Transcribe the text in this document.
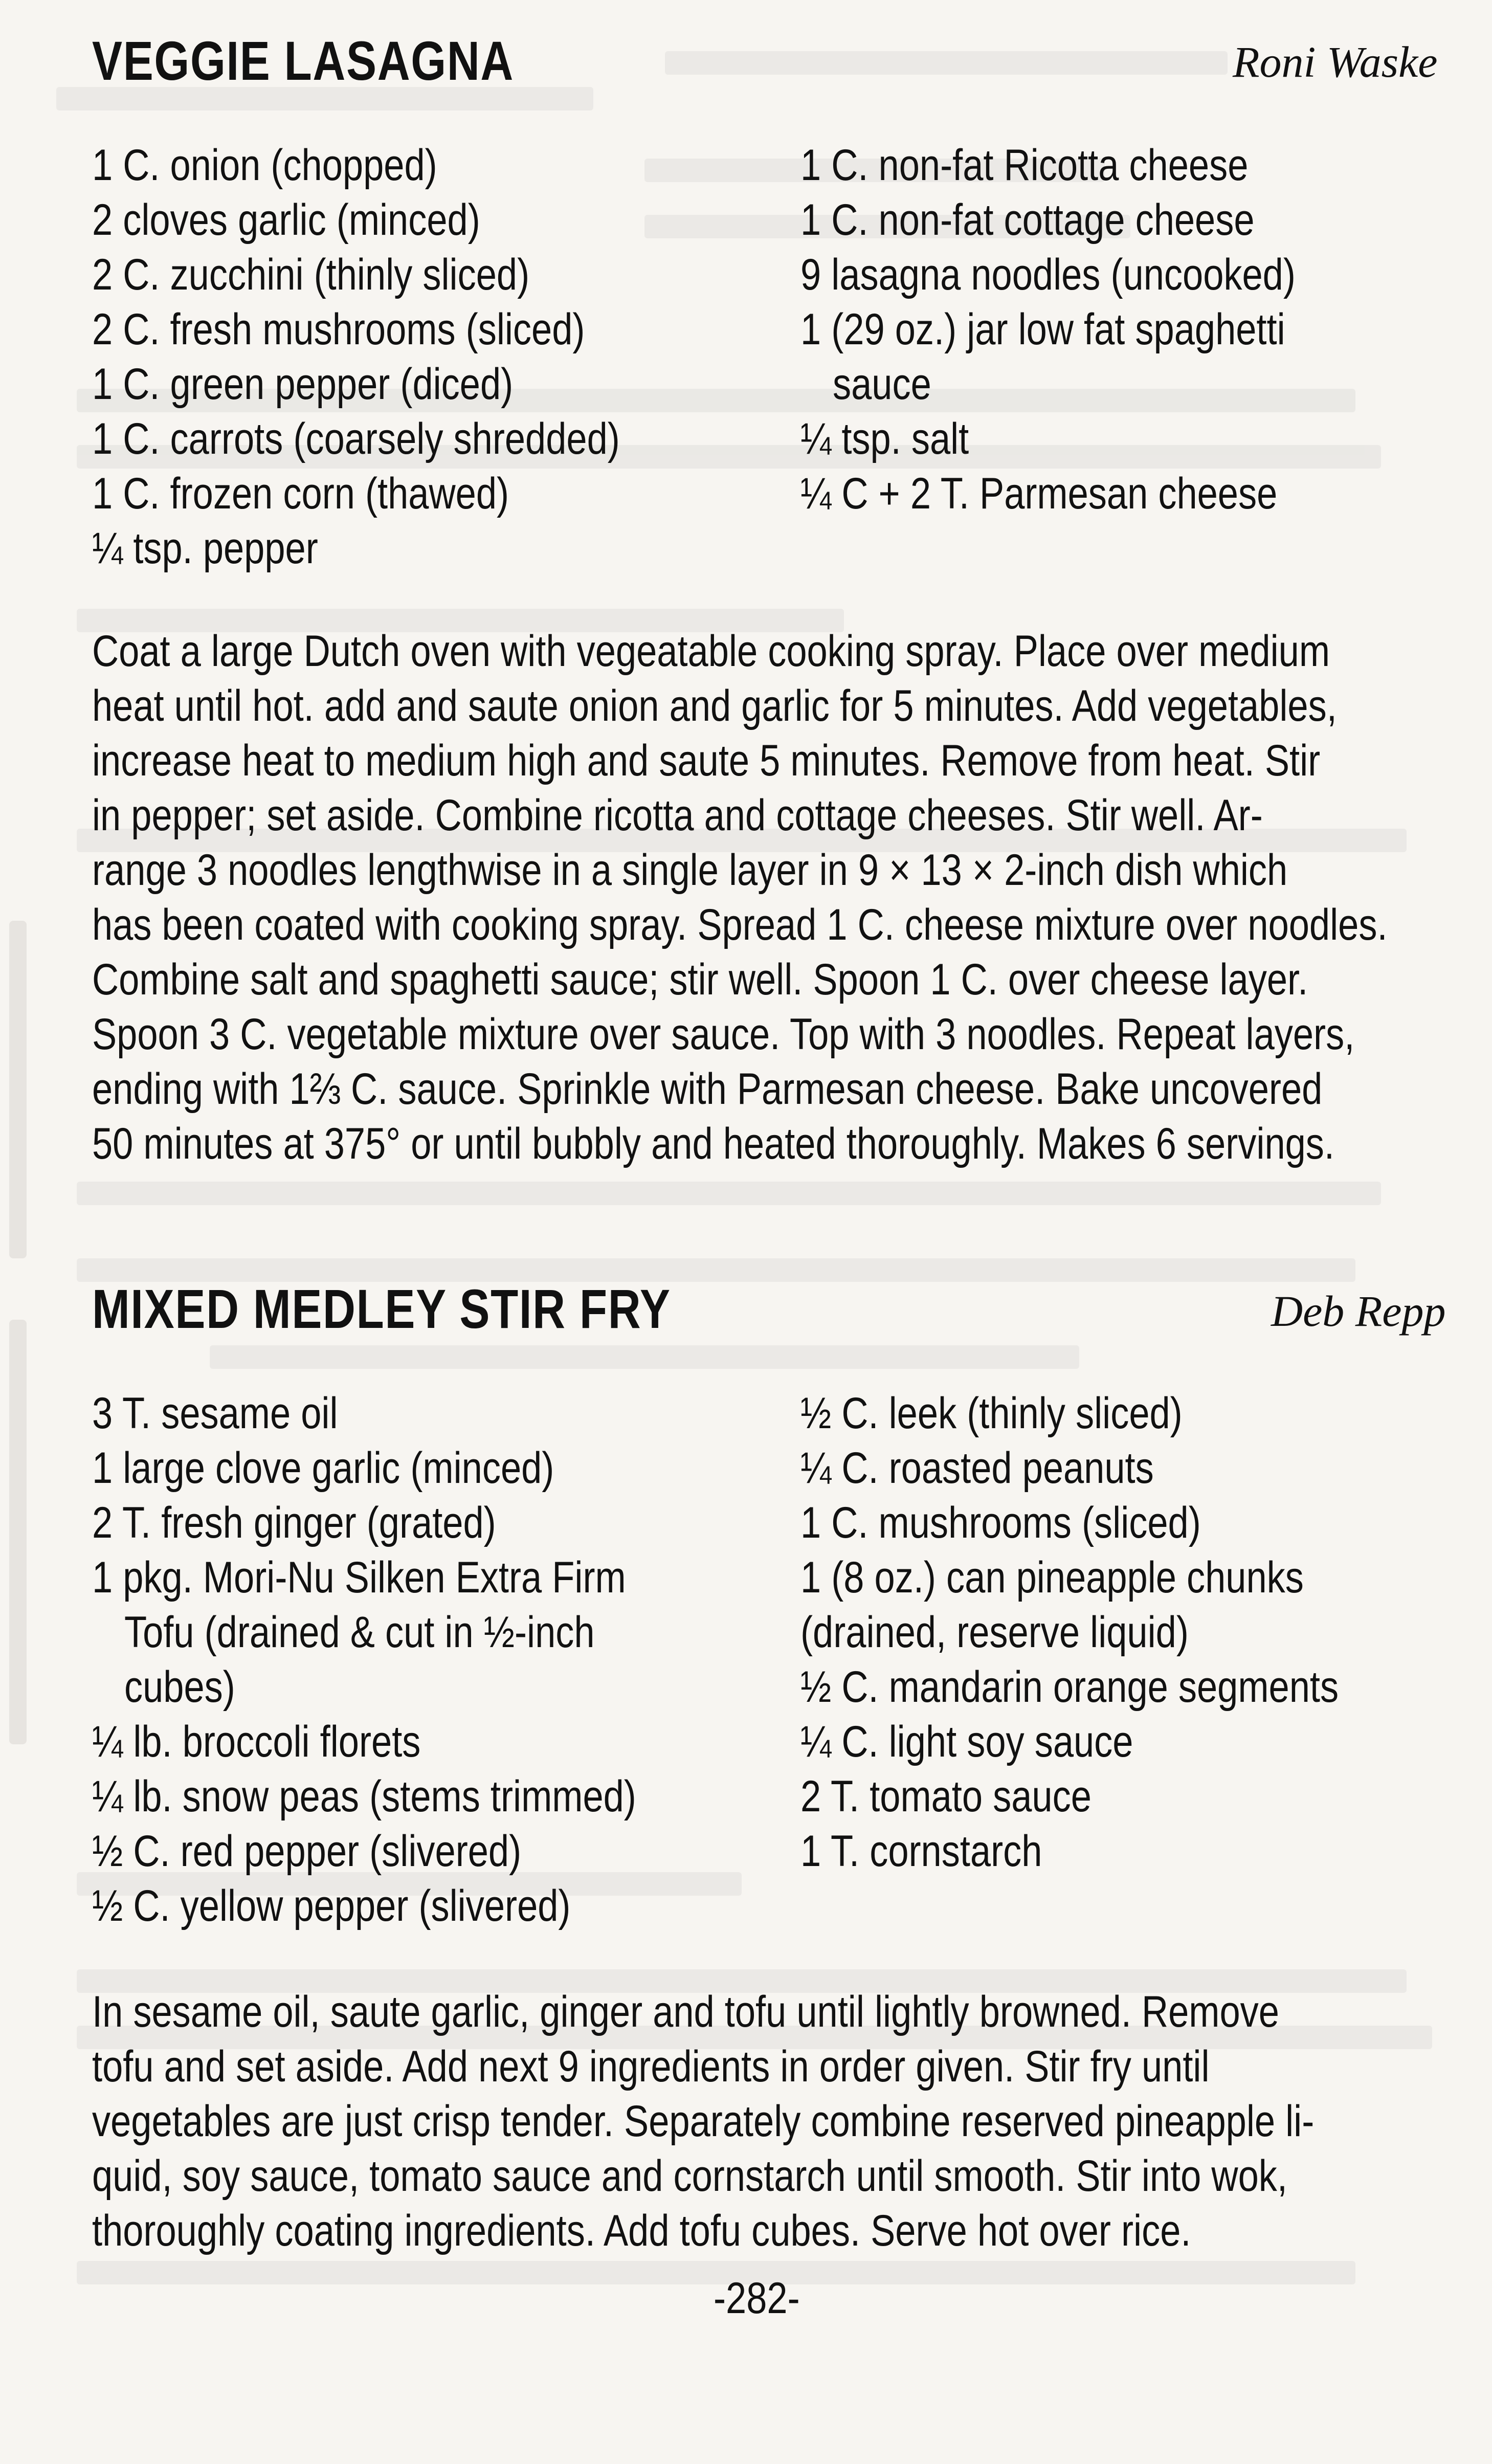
VEGGIE LASAGNA	Roni Waske
1 C. onion (chopped)
2 cloves garlic (minced)
2 C. zucchini (thinly sliced)
2 C. fresh mushrooms (sliced)
1 C. green pepper (diced)
1 C. carrots (coarsely shredded)
1 C. frozen corn (thawed)
¼ tsp. pepper
1 C. non-fat Ricotta cheese
1 C. non-fat cottage cheese
9 lasagna noodles (uncooked)
1 (29 oz.) jar low fat spaghetti
sauce
¼ tsp. salt
¼ C + 2 T. Parmesan cheese
Coat a large Dutch oven with vegeatable cooking spray. Place over medium
heat until hot. add and saute onion and garlic for 5 minutes. Add vegetables,
increase heat to medium high and saute 5 minutes. Remove from heat. Stir
in pepper; set aside. Combine ricotta and cottage cheeses. Stir well. Ar-
range 3 noodles lengthwise in a single layer in 9 × 13 × 2-inch dish which
has been coated with cooking spray. Spread 1 C. cheese mixture over noodles.
Combine salt and spaghetti sauce; stir well. Spoon 1 C. over cheese layer.
Spoon 3 C. vegetable mixture over sauce. Top with 3 noodles. Repeat layers,
ending with 1⅔ C. sauce. Sprinkle with Parmesan cheese. Bake uncovered
50 minutes at 375° or until bubbly and heated thoroughly. Makes 6 servings.
MIXED MEDLEY STIR FRY	Deb Repp
3 T. sesame oil
1 large clove garlic (minced)
2 T. fresh ginger (grated)
1 pkg. Mori-Nu Silken Extra Firm
Tofu (drained & cut in ½-inch
cubes)
¼ lb. broccoli florets
¼ lb. snow peas (stems trimmed)
½ C. red pepper (slivered)
½ C. yellow pepper (slivered)
½ C. leek (thinly sliced)
¼ C. roasted peanuts
1 C. mushrooms (sliced)
1 (8 oz.) can pineapple chunks
(drained, reserve liquid)
½ C. mandarin orange segments
¼ C. light soy sauce
2 T. tomato sauce
1 T. cornstarch
In sesame oil, saute garlic, ginger and tofu until lightly browned. Remove
tofu and set aside. Add next 9 ingredients in order given. Stir fry until
vegetables are just crisp tender. Separately combine reserved pineapple li-
quid, soy sauce, tomato sauce and cornstarch until smooth. Stir into wok,
thoroughly coating ingredients. Add tofu cubes. Serve hot over rice.
-282-
